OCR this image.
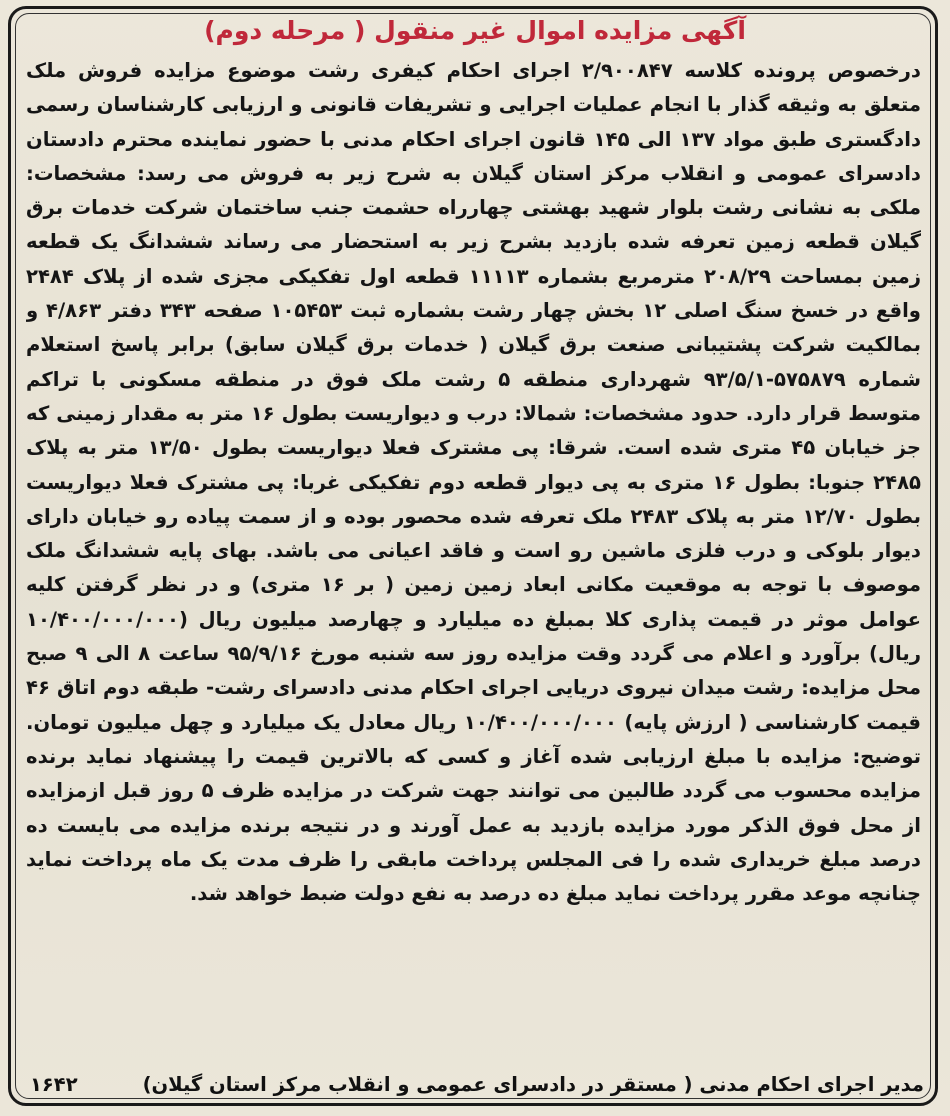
آگهی مزایده اموال غیر منقول ( مرحله دوم)
درخصوص پرونده کلاسه ۲/۹۰۰۸۴۷ اجرای احکام کیفری رشت موضوع مزایده فروش ملک متعلق به وثیقه گذار با انجام عملیات اجرایی و تشریفات قانونی و ارزیابی کارشناسان رسمی دادگستری طبق مواد ۱۳۷ الی ۱۴۵ قانون اجرای احکام مدنی با حضور نماینده محترم دادستان دادسرای عمومی و انقلاب مرکز استان گیلان به شرح زیر به فروش می رسد: مشخصات: ملکی به نشانی رشت بلوار شهید بهشتی چهارراه حشمت جنب ساختمان شرکت خدمات برق گیلان قطعه زمین تعرفه شده بازدید بشرح زیر به استحضار می رساند ششدانگ یک قطعه زمین بمساحت ۲۰۸/۲۹ مترمربع بشماره ۱۱۱۱۳ قطعه اول تفکیکی مجزی شده از پلاک ۲۴۸۴ واقع در خسخ سنگ اصلی ۱۲ بخش چهار رشت بشماره ثبت ۱۰۵۴۵۳ صفحه ۳۴۳ دفتر ۴/۸۶۳ و بمالکیت شرکت پشتیبانی صنعت برق گیلان ( خدمات برق گیلان سابق) برابر پاسخ استعلام شماره ۵۷۵۸۷۹-۹۳/۵/۱ شهرداری منطقه ۵ رشت ملک فوق در منطقه مسکونی با تراکم متوسط قرار دارد. حدود مشخصات: شمالا: درب و دیواریست بطول ۱۶ متر به مقدار زمینی که جز خیابان ۴۵ متری شده است. شرقا: پی مشترک فعلا دیواریست بطول ۱۳/۵۰ متر به پلاک ۲۴۸۵ جنوبا: بطول ۱۶ متری به پی دیوار قطعه دوم تفکیکی غربا: پی مشترک فعلا دیواریست بطول ۱۲/۷۰ متر به پلاک ۲۴۸۳ ملک تعرفه شده محصور بوده و از سمت پیاده رو خیابان دارای دیوار بلوکی و درب فلزی ماشین رو است و فاقد اعیانی می باشد. بهای پایه ششدانگ ملک موصوف با توجه به موقعیت مکانی ابعاد زمین زمین ( بر ۱۶ متری) و در نظر گرفتن کلیه عوامل موثر در قیمت پذاری کلا بمبلغ ده میلیارد و چهارصد میلیون ریال (۱۰/۴۰۰/۰۰۰/۰۰۰ ریال) برآورد و اعلام می گردد وقت مزایده روز سه شنبه مورخ ۹۵/۹/۱۶ ساعت ۸ الی ۹ صبح محل مزایده: رشت میدان نیروی دریایی اجرای احکام مدنی دادسرای رشت- طبقه دوم اتاق ۴۶ قیمت کارشناسی ( ارزش پایه) ۱۰/۴۰۰/۰۰۰/۰۰۰ ریال معادل یک میلیارد و چهل میلیون تومان. توضیح: مزایده با مبلغ ارزیابی شده آغاز و کسی که بالاترین قیمت را پیشنهاد نماید برنده مزایده محسوب می گردد طالبین می توانند جهت شرکت در مزایده ظرف ۵ روز قبل ازمزایده از محل فوق الذکر مورد مزایده بازدید به عمل آورند و در نتیجه برنده مزایده می بایست ده درصد مبلغ خریداری شده را فی المجلس پرداخت مابقی را ظرف مدت یک ماه پرداخت نماید چنانچه موعد مقرر پرداخت نماید مبلغ ده درصد به نفع دولت ضبط خواهد شد.
مدیر اجرای احکام مدنی ( مستقر در دادسرای عمومی و انقلاب مرکز استان گیلان)
۱۶۴۲
